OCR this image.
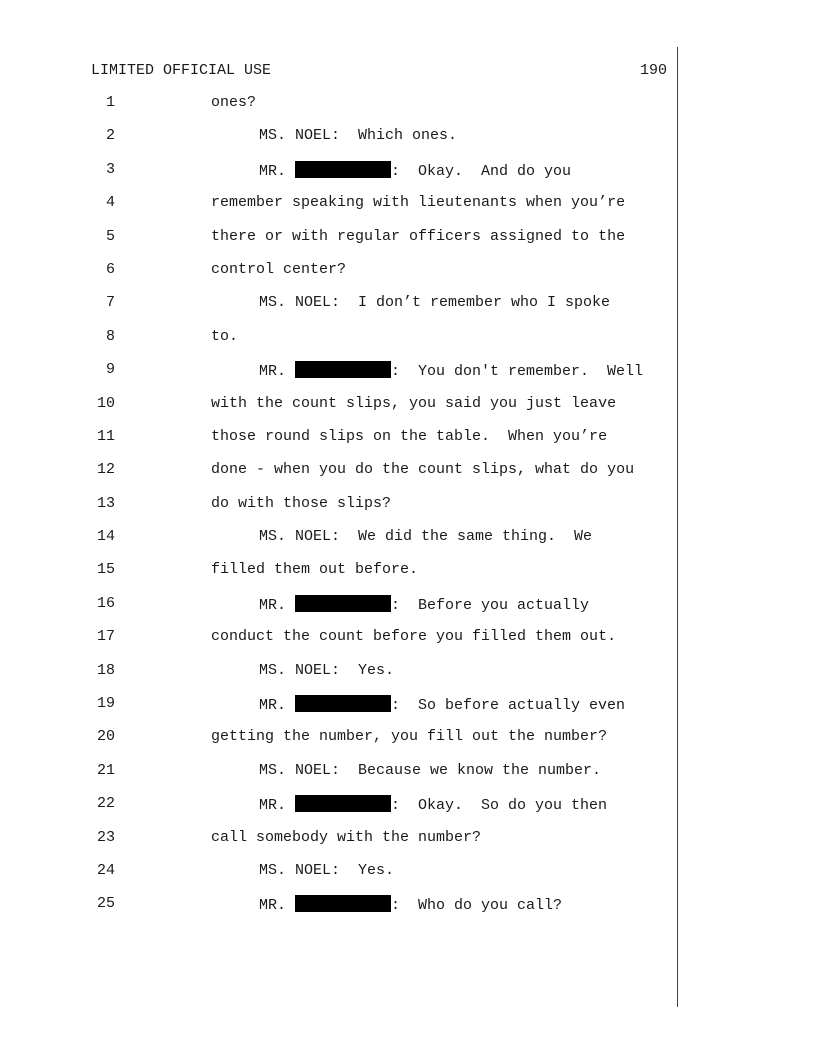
LIMITED OFFICIAL USE	190
1	ones?
2	MS. NOEL:  Which ones.
3	MR.	:  Okay.  And do you
4	remember speaking with lieutenants when you’re
5	there or with regular officers assigned to the
6	control center?
7	MS. NOEL:  I don’t remember who I spoke
8	to.
9	MR.	:  You don't remember.  Well
10	with the count slips, you said you just leave
11	those round slips on the table.  When you’re
12	done - when you do the count slips, what do you
13	do with those slips?
14	MS. NOEL:  We did the same thing.  We
15	filled them out before.
16	MR.	:  Before you actually
17	conduct the count before you filled them out.
18	MS. NOEL:  Yes.
19	MR.	:  So before actually even
20	getting the number, you fill out the number?
21	MS. NOEL:  Because we know the number.
22	MR.	:  Okay.  So do you then
23	call somebody with the number?
24	MS. NOEL:  Yes.
25	MR.	:  Who do you call?
